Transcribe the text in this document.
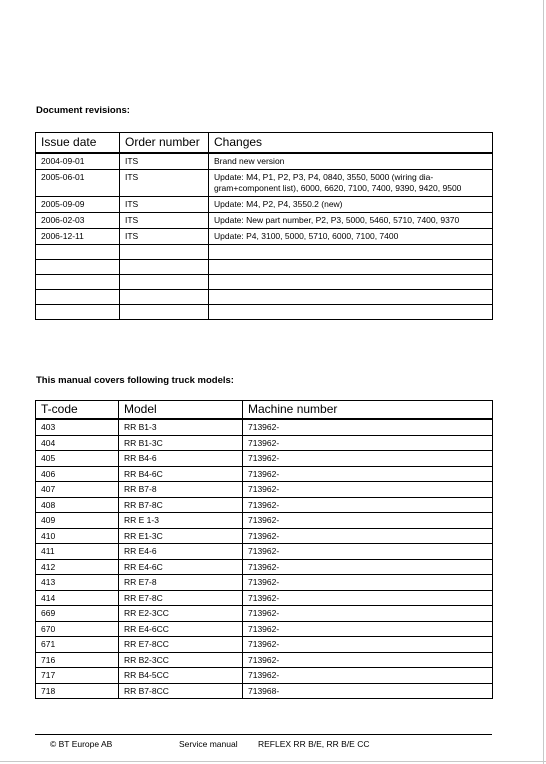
Document revisions:
Issue date	Order number	Changes
2004-09-01	ITS	Brand new version
2005-06-01	ITS	Update: M4, P1, P2, P3, P4, 0840, 3550, 5000 (wiring dia-gram+component list), 6000, 6620, 7100, 7400, 9390, 9420, 9500
2005-09-09	ITS	Update: M4, P2, P4, 3550.2 (new)
2006-02-03	ITS	Update: New part number, P2, P3, 5000, 5460, 5710, 7400, 9370
2006-12-11	ITS	Update: P4, 3100, 5000, 5710, 6000, 7100, 7400

This manual covers following truck models:
T-code	Model	Machine number
403	RR B1-3	713962-
404	RR B1-3C	713962-
405	RR B4-6	713962-
406	RR B4-6C	713962-
407	RR B7-8	713962-
408	RR B7-8C	713962-
409	RR E 1-3	713962-
410	RR E1-3C	713962-
411	RR E4-6	713962-
412	RR E4-6C	713962-
413	RR E7-8	713962-
414	RR E7-8C	713962-
669	RR E2-3CC	713962-
670	RR E4-6CC	713962-
671	RR E7-8CC	713962-
716	RR B2-3CC	713962-
717	RR B4-5CC	713962-
718	RR B7-8CC	713968-
© BT Europe AB	Service manual REFLEX RR B/E, RR B/E CC
